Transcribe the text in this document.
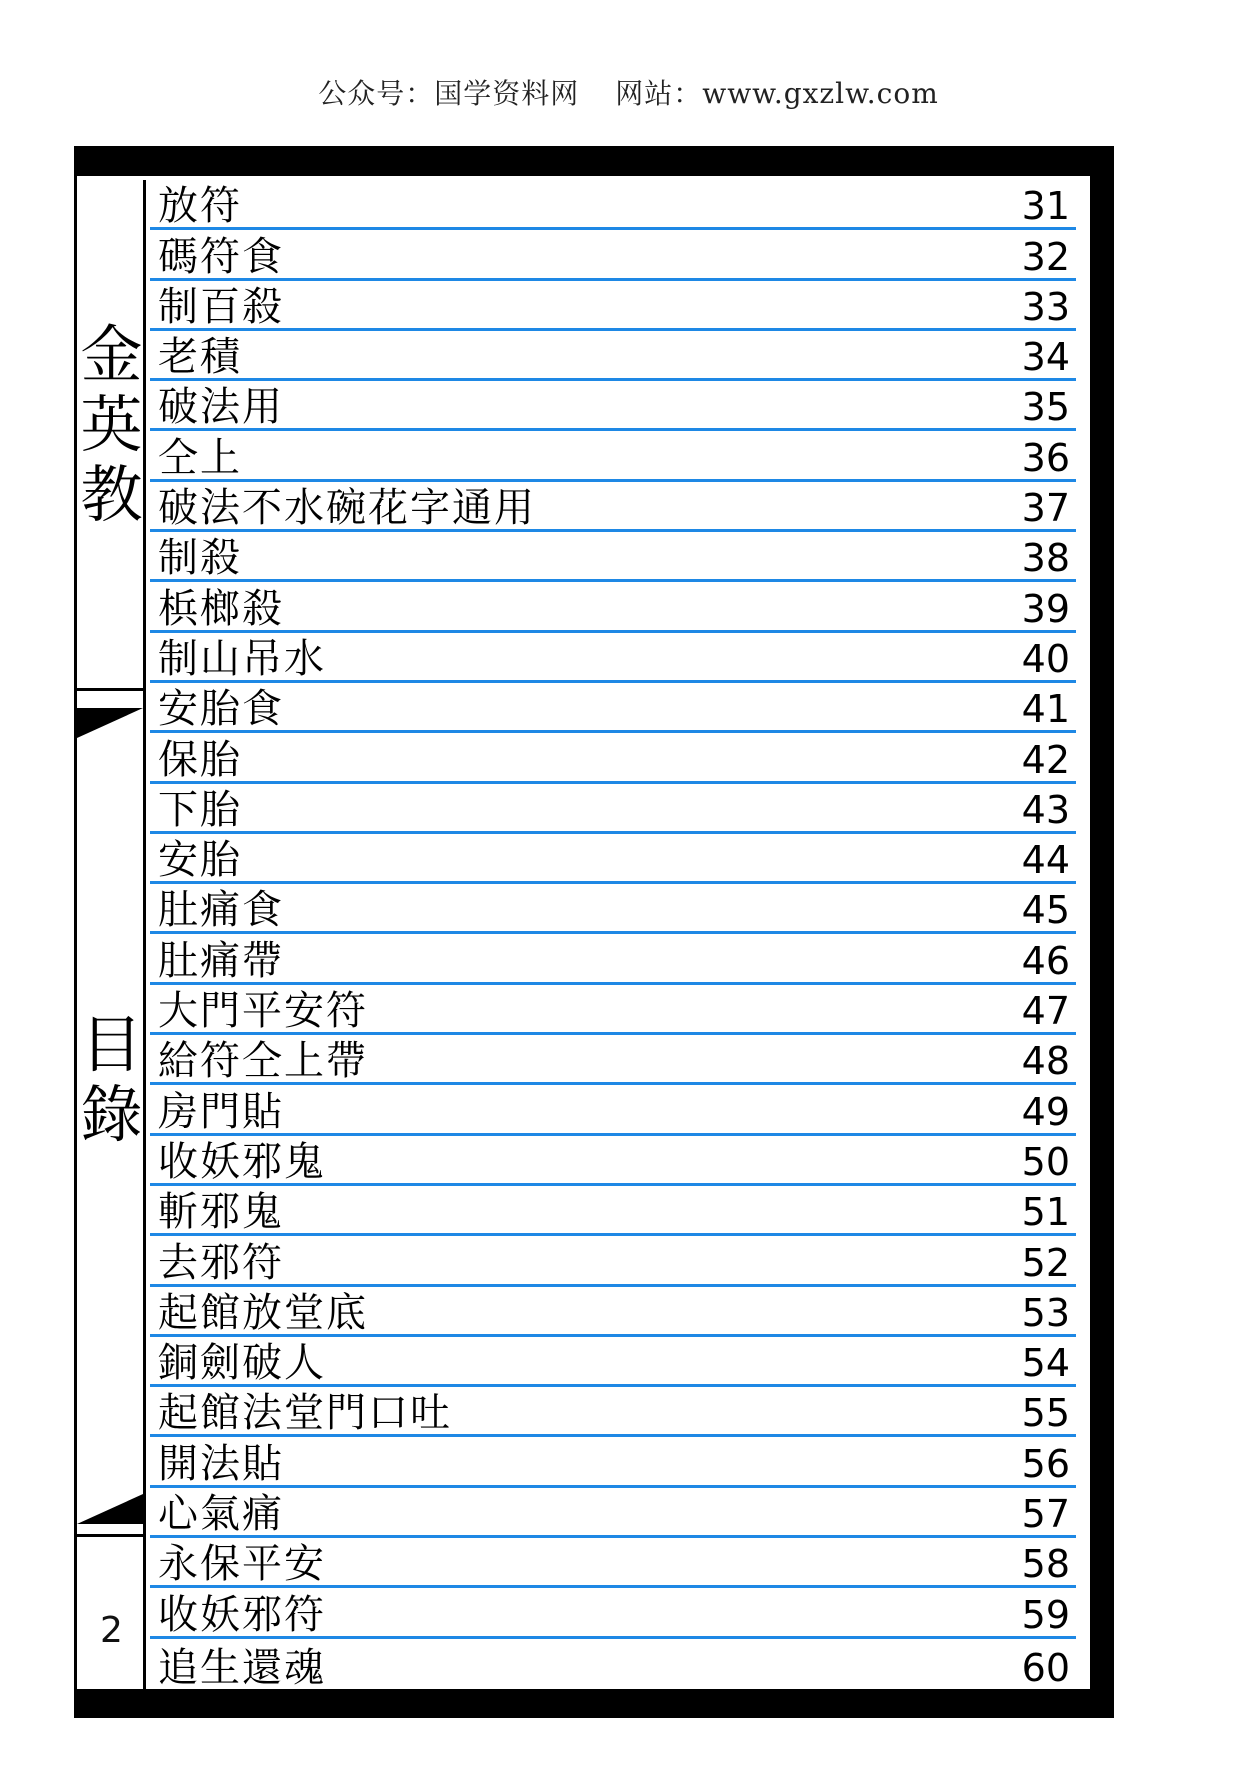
公众号：国学资料网 网站：www.gxzlw.com
金
英
教
目
錄
2
放符	31
碼符食	32
制百殺	33
老積	34
破法用	35
仝上	36
破法不水碗花字通用	37
制殺	38
梹榔殺	39
制山吊水	40
安胎食	41
保胎	42
下胎	43
安胎	44
肚痛食	45
肚痛帶	46
大門平安符	47
給符仝上帶	48
房門貼	49
收妖邪鬼	50
斬邪鬼	51
去邪符	52
起館放堂底	53
銅劍破人	54
起館法堂門口吐	55
開法貼	56
心氣痛	57
永保平安	58
收妖邪符	59
追生還魂	60
